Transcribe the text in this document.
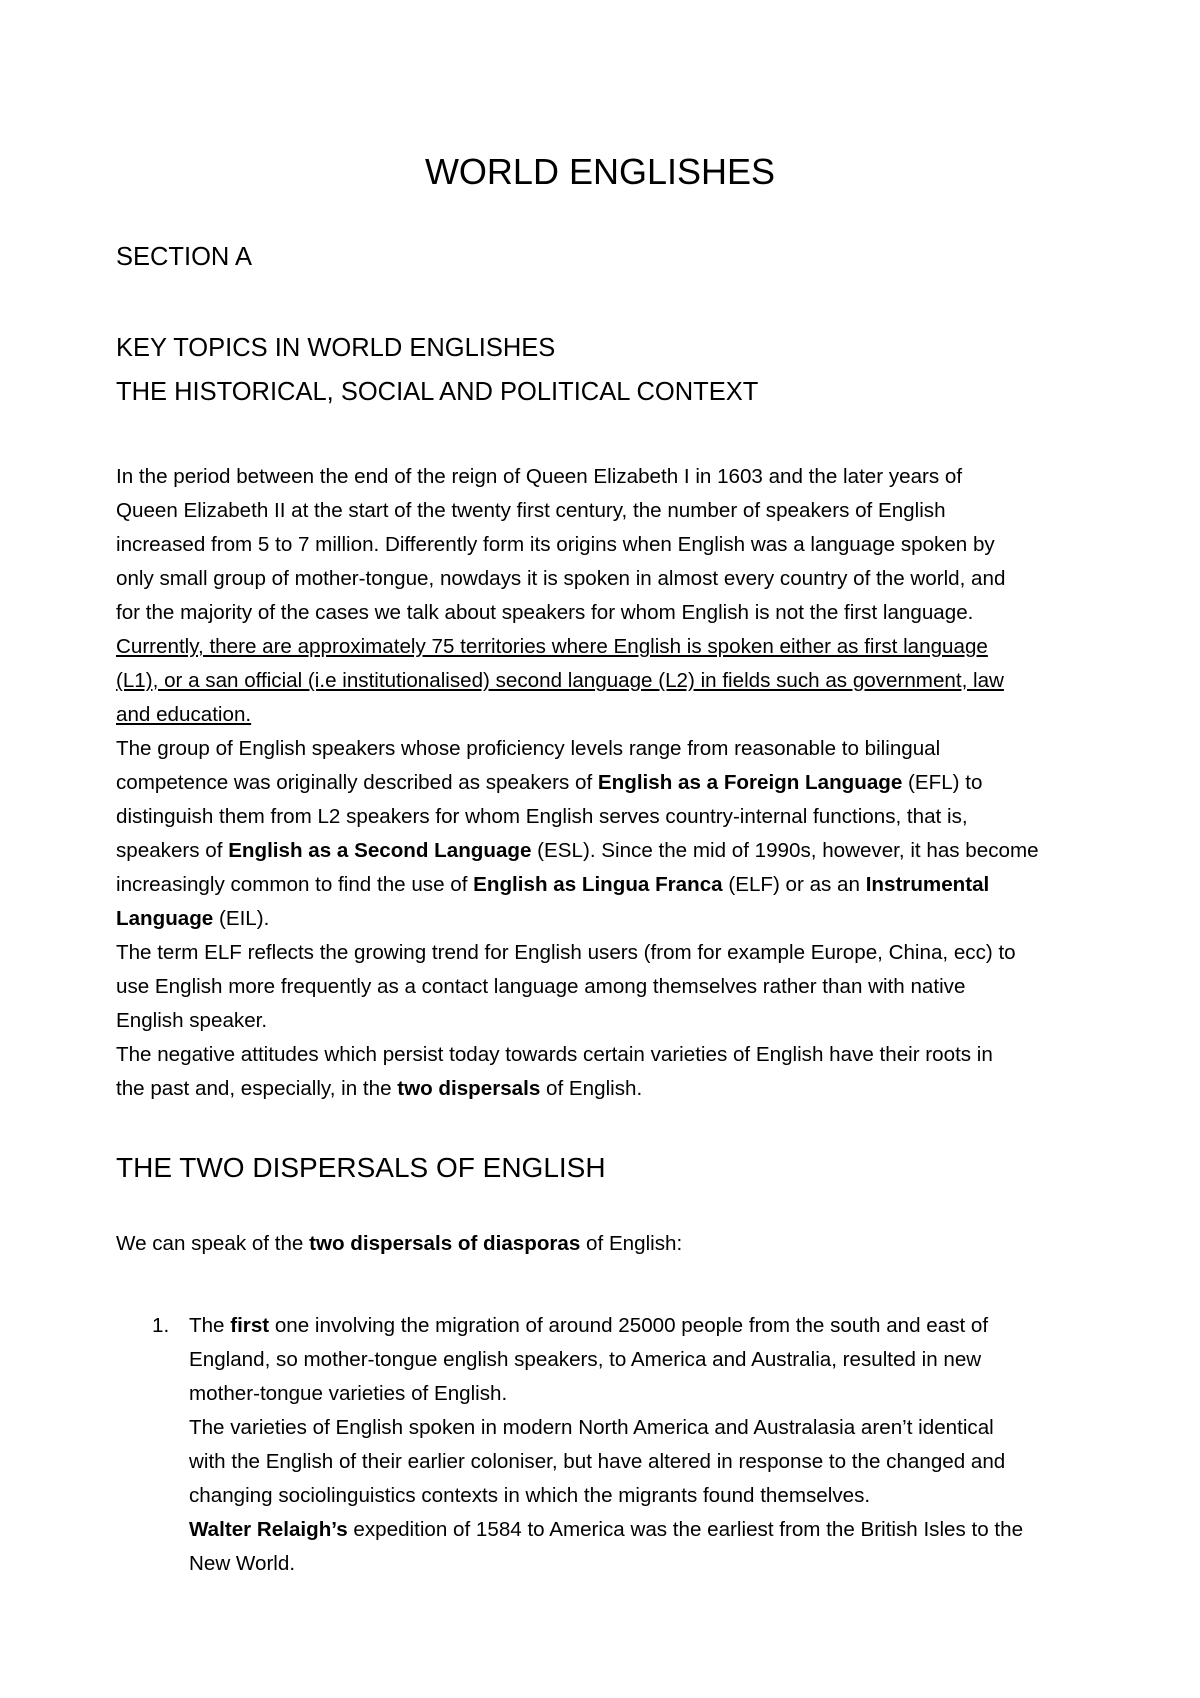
WORLD ENGLISHES
SECTION A
KEY TOPICS IN WORLD ENGLISHES
THE HISTORICAL, SOCIAL AND POLITICAL CONTEXT
In the period between the end of the reign of Queen Elizabeth I in 1603 and the later years of
Queen Elizabeth II at the start of the twenty first century, the number of speakers of English
increased from 5 to 7 million. Differently form its origins when English was a language spoken by
only small group of mother-tongue, nowdays it is spoken in almost every country of the world, and
for the majority of the cases we talk about speakers for whom English is not the first language.
Currently, there are approximately 75 territories where English is spoken either as first language
(L1), or a san official (i.e institutionalised) second language (L2) in fields such as government, law
and education.
The group of English speakers whose proficiency levels range from reasonable to bilingual
competence was originally described as speakers of English as a Foreign Language (EFL) to
distinguish them from L2 speakers for whom English serves country-internal functions, that is,
speakers of English as a Second Language (ESL). Since the mid of 1990s, however, it has become
increasingly common to find the use of English as Lingua Franca (ELF) or as an Instrumental
Language (EIL).
The term ELF reflects the growing trend for English users (from for example Europe, China, ecc) to
use English more frequently as a contact language among themselves rather than with native
English speaker.
The negative attitudes which persist today towards certain varieties of English have their roots in
the past and, especially, in the two dispersals of English.
THE TWO DISPERSALS OF ENGLISH
We can speak of the two dispersals of diasporas of English:
1. The first one involving the migration of around 25000 people from the south and east of
England, so mother-tongue english speakers, to America and Australia, resulted in new
mother-tongue varieties of English.
The varieties of English spoken in modern North America and Australasia aren’t identical
with the English of their earlier coloniser, but have altered in response to the changed and
changing sociolinguistics contexts in which the migrants found themselves.
Walter Relaigh’s expedition of 1584 to America was the earliest from the British Isles to the
New World.
